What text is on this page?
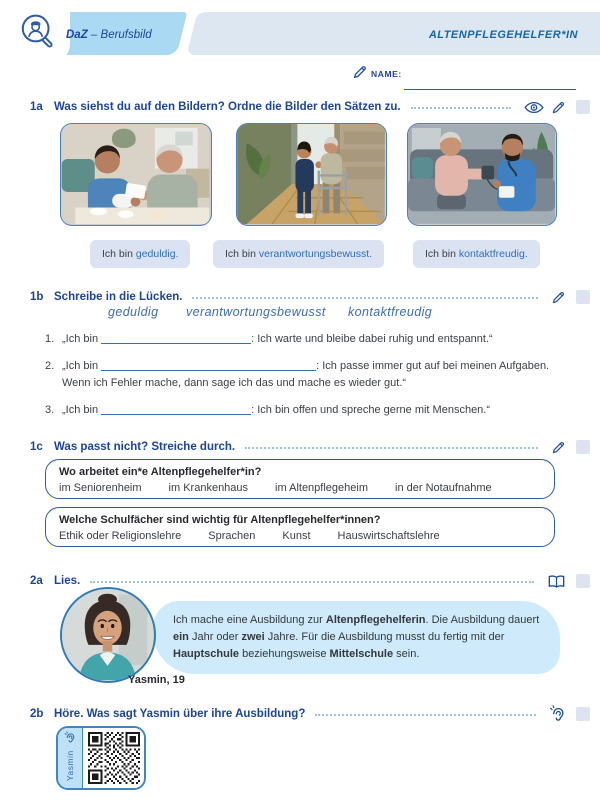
DaZ – Berufsbild	ALTENPFLEGEHELFER*IN
NAME:
1a Was siehst du auf den Bildern? Ordne die Bilder den Sätzen zu.
Ich bin geduldig.	Ich bin verantwortungsbewusst.	Ich bin kontaktfreudig.
1b Schreibe in die Lücken.
geduldig verantwortungsbewusst kontaktfreudig
1. „Ich bin	: Ich warte und bleibe dabei ruhig und entspannt.“
2. „Ich bin	: Ich passe immer gut auf bei meinen Aufgaben. Wenn ich Fehler mache, dann sage ich das und mache es wieder gut.“
3. „Ich bin	: Ich bin offen und spreche gerne mit Menschen.“
1c Was passt nicht? Streiche durch.
Wo arbeitet ein*e Altenpflegehelfer*in?
im Seniorenheim im Krankenhaus im Altenpflegeheim in der Notaufnahme
Welche Schulfächer sind wichtig für Altenpflegehelfer*innen?
Ethik oder Religionslehre Sprachen Kunst Hauswirtschaftslehre
2a Lies.
Ich mache eine Ausbildung zur Altenpflegehelferin. Die Ausbildung dauert ein Jahr oder zwei Jahre. Für die Ausbildung musst du fertig mit der Hauptschule beziehungsweise Mittelschule sein.
Yasmin, 19
2b Höre. Was sagt Yasmin über ihre Ausbildung?
Yasmin
